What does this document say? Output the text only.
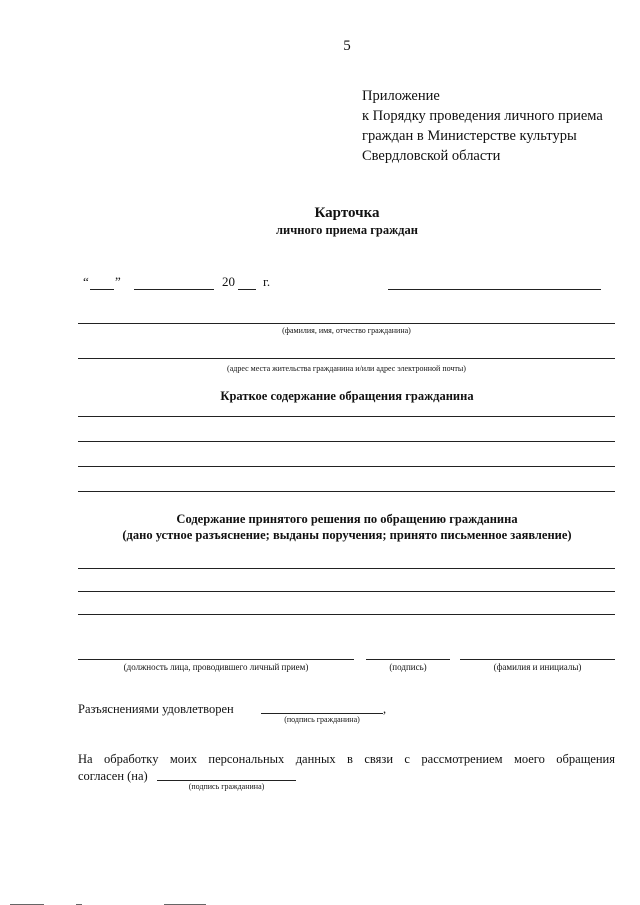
5
Приложение
к Порядку проведения личного приема
граждан в Министерстве культуры
Свердловской области
Карточка
личного приема граждан
“ ”	20 г.
(фамилия, имя, отчество гражданина)
(адрес места жительства гражданина и/или адрес электронной почты)
Краткое содержание обращения гражданина
Содержание принятого решения по обращению гражданина
(дано устное разъяснение; выданы поручения; принято письменное заявление)
(должность лица, проводившего личный прием)	(подпись)	(фамилия и инициалы)
Разъяснениями удовлетворен	,
(подпись гражданина)
На обработку моих персональных данных в связи с рассмотрением моего обращения
согласен (на)
(подпись гражданина)
